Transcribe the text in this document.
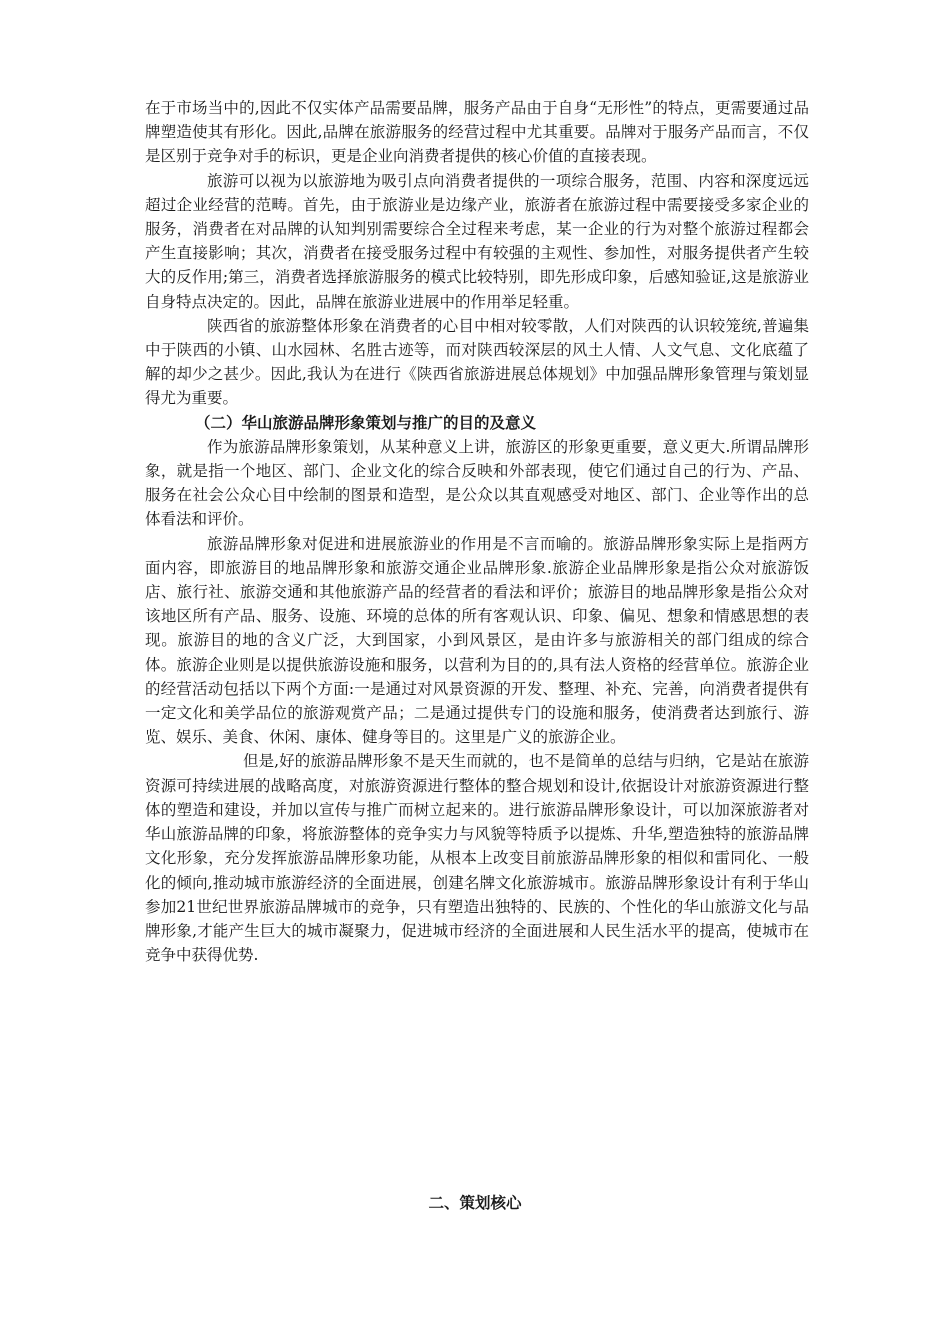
在于市场当中的,因此不仅实体产品需要品牌，服务产品由于自身“无形性”的特点，更需要通过品牌塑造使其有形化。因此,品牌在旅游服务的经营过程中尤其重要。品牌对于服务产品而言，不仅是区别于竞争对手的标识，更是企业向消费者提供的核心价值的直接表现。

旅游可以视为以旅游地为吸引点向消费者提供的一项综合服务，范围、内容和深度远远超过企业经营的范畴。首先，由于旅游业是边缘产业，旅游者在旅游过程中需要接受多家企业的服务，消费者在对品牌的认知判别需要综合全过程来考虑，某一企业的行为对整个旅游过程都会产生直接影响；其次，消费者在接受服务过程中有较强的主观性、参加性，对服务提供者产生较大的反作用;第三，消费者选择旅游服务的模式比较特别，即先形成印象，后感知验证,这是旅游业自身特点决定的。因此，品牌在旅游业进展中的作用举足轻重。

陕西省的旅游整体形象在消费者的心目中相对较零散，人们对陕西的认识较笼统,普遍集中于陕西的小镇、山水园林、名胜古迹等，而对陕西较深层的风土人情、人文气息、文化底蕴了解的却少之甚少。因此,我认为在进行《陕西省旅游进展总体规划》中加强品牌形象管理与策划显得尤为重要。

（二）华山旅游品牌形象策划与推广的目的及意义

作为旅游品牌形象策划，从某种意义上讲，旅游区的形象更重要，意义更大.所谓品牌形象，就是指一个地区、部门、企业文化的综合反映和外部表现，使它们通过自己的行为、产品、服务在社会公众心目中绘制的图景和造型，是公众以其直观感受对地区、部门、企业等作出的总体看法和评价。

旅游品牌形象对促进和进展旅游业的作用是不言而喻的。旅游品牌形象实际上是指两方面内容，即旅游目的地品牌形象和旅游交通企业品牌形象.旅游企业品牌形象是指公众对旅游饭店、旅行社、旅游交通和其他旅游产品的经营者的看法和评价；旅游目的地品牌形象是指公众对该地区所有产品、服务、设施、环境的总体的所有客观认识、印象、偏见、想象和情感思想的表现。旅游目的地的含义广泛，大到国家，小到风景区，是由许多与旅游相关的部门组成的综合体。旅游企业则是以提供旅游设施和服务，以营利为目的的,具有法人资格的经营单位。旅游企业的经营活动包括以下两个方面:一是通过对风景资源的开发、整理、补充、完善，向消费者提供有一定文化和美学品位的旅游观赏产品；二是通过提供专门的设施和服务，使消费者达到旅行、游览、娱乐、美食、休闲、康体、健身等目的。这里是广义的旅游企业。

但是,好的旅游品牌形象不是天生而就的，也不是简单的总结与归纳，它是站在旅游资源可持续进展的战略高度，对旅游资源进行整体的整合规划和设计,依据设计对旅游资源进行整体的塑造和建设，并加以宣传与推广而树立起来的。进行旅游品牌形象设计，可以加深旅游者对华山旅游品牌的印象，将旅游整体的竞争实力与风貌等特质予以提炼、升华,塑造独特的旅游品牌文化形象，充分发挥旅游品牌形象功能，从根本上改变目前旅游品牌形象的相似和雷同化、一般化的倾向,推动城市旅游经济的全面进展，创建名牌文化旅游城市。旅游品牌形象设计有利于华山参加21世纪世界旅游品牌城市的竞争，只有塑造出独特的、民族的、个性化的华山旅游文化与品牌形象,才能产生巨大的城市凝聚力，促进城市经济的全面进展和人民生活水平的提高，使城市在竞争中获得优势.

二、策划核心
